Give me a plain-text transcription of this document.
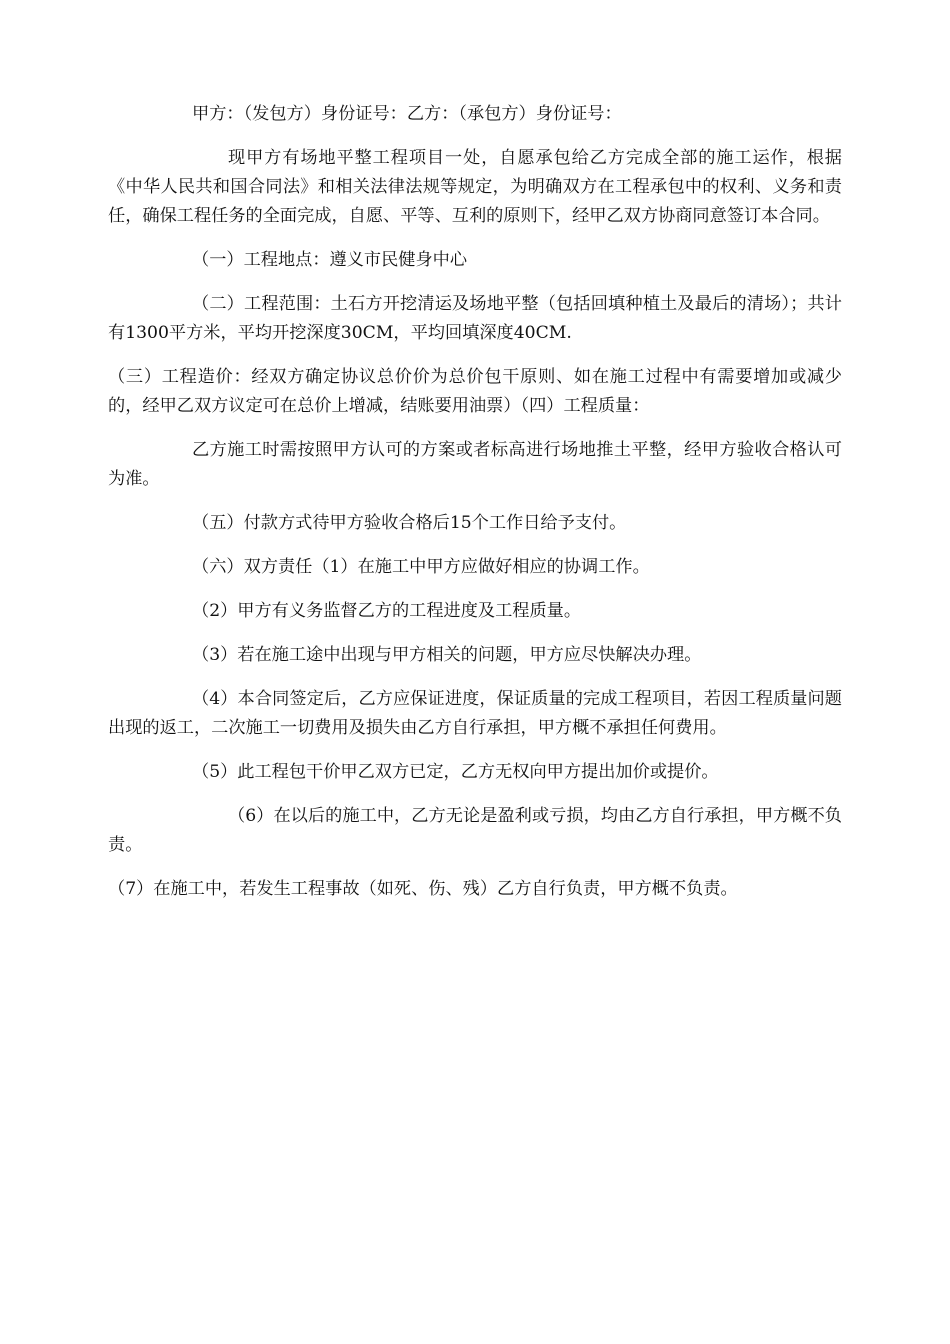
甲方：（发包方）身份证号：乙方：（承包方）身份证号：

现甲方有场地平整工程项目一处，自愿承包给乙方完成全部的施工运作，根据《中华人民共和国合同法》和相关法律法规等规定，为明确双方在工程承包中的权利、义务和责任，确保工程任务的全面完成，自愿、平等、互利的原则下，经甲乙双方协商同意签订本合同。

（一）工程地点：遵义市民健身中心

（二）工程范围：土石方开挖清运及场地平整（包括回填种植土及最后的清场）；共计有1300平方米，平均开挖深度30CM，平均回填深度40CM.

（三）工程造价：经双方确定协议总价价为总价包干原则、如在施工过程中有需要增加或减少的，经甲乙双方议定可在总价上增减，结账要用油票）（四）工程质量：

乙方施工时需按照甲方认可的方案或者标高进行场地推土平整，经甲方验收合格认可为准。

（五）付款方式待甲方验收合格后15个工作日给予支付。

（六）双方责任（1）在施工中甲方应做好相应的协调工作。

（2）甲方有义务监督乙方的工程进度及工程质量。

（3）若在施工途中出现与甲方相关的问题，甲方应尽快解决办理。

（4）本合同签定后，乙方应保证进度，保证质量的完成工程项目，若因工程质量问题出现的返工，二次施工一切费用及损失由乙方自行承担，甲方概不承担任何费用。

（5）此工程包干价甲乙双方已定，乙方无权向甲方提出加价或提价。

（6）在以后的施工中，乙方无论是盈利或亏损，均由乙方自行承担，甲方概不负责。

（7）在施工中，若发生工程事故（如死、伤、残）乙方自行负责，甲方概不负责。
